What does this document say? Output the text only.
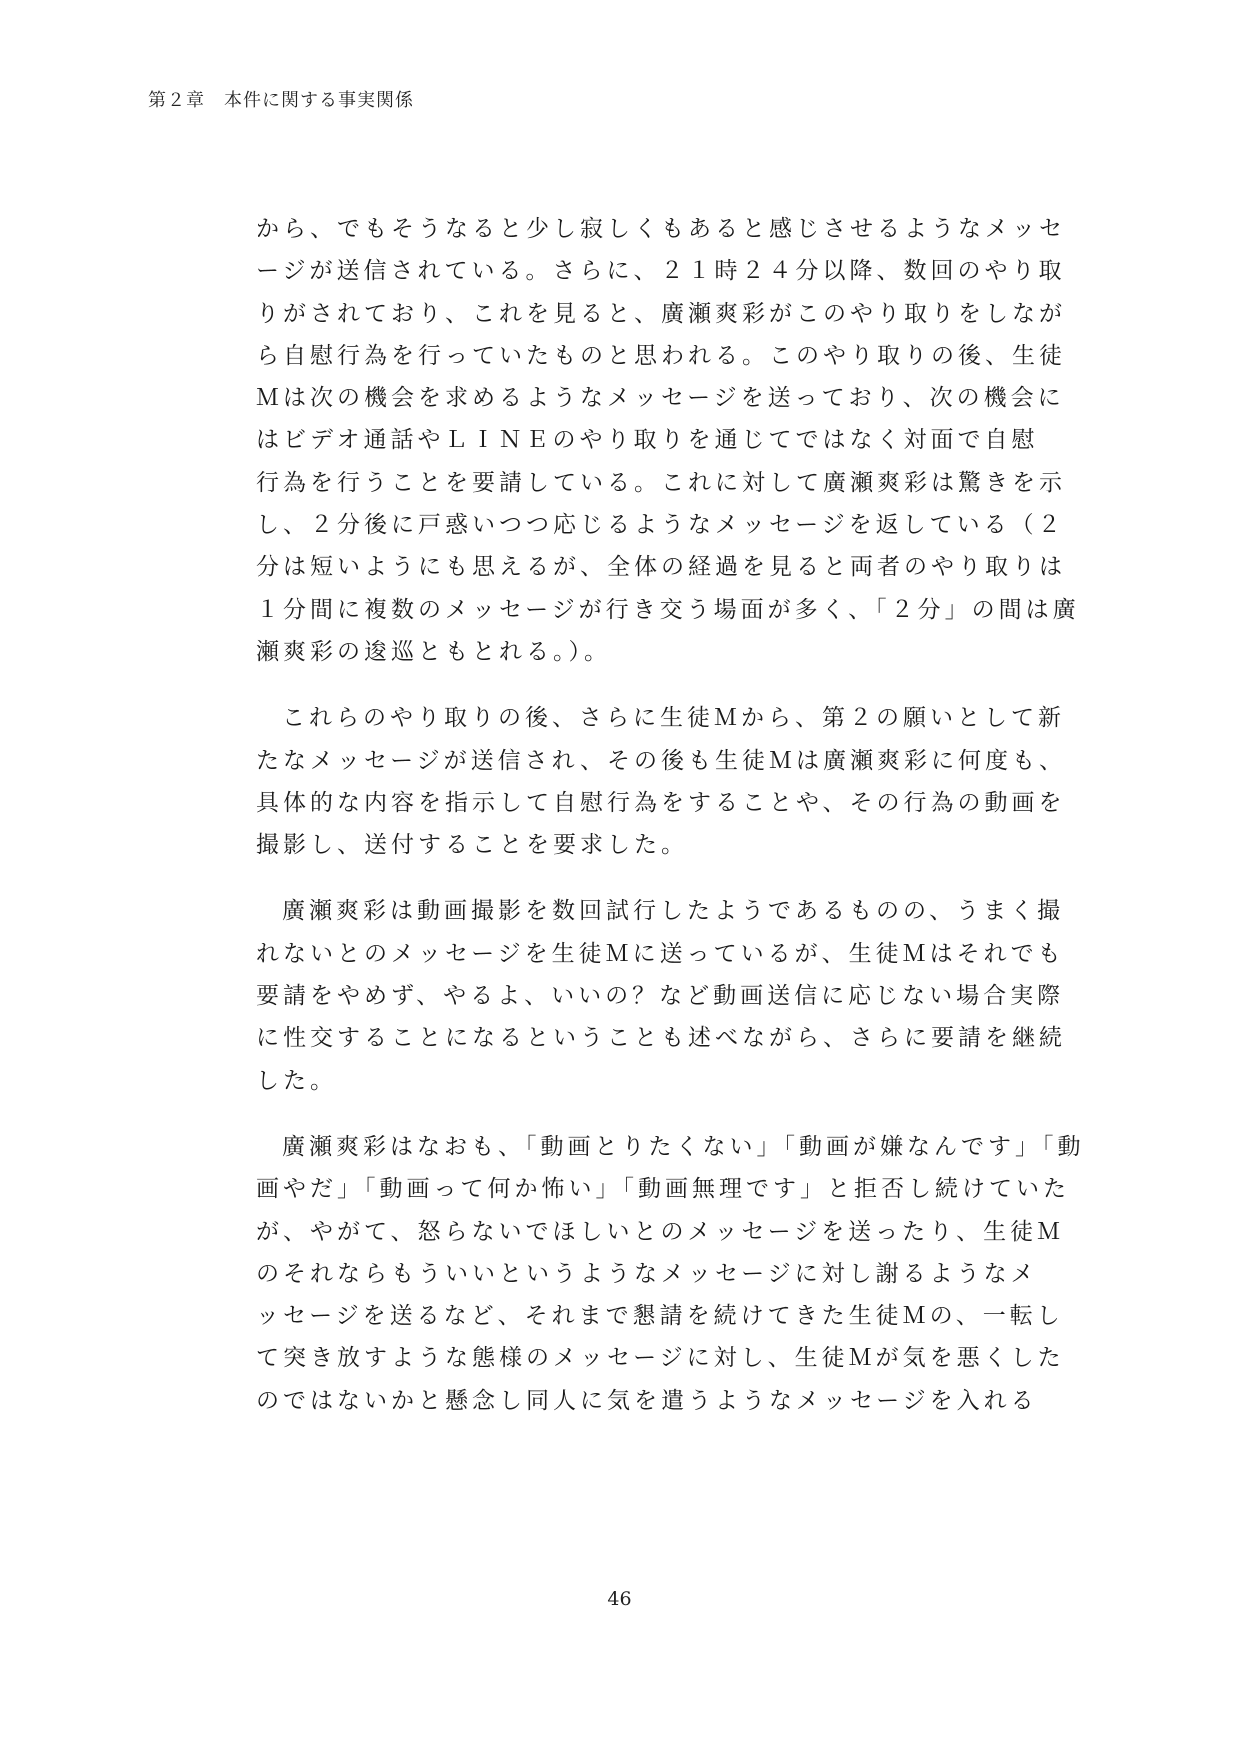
第２章　本件に関する事実関係

から、でもそうなると少し寂しくもあると感じさせるようなメッセ
ージが送信されている。さらに、２１時２４分以降、数回のやり取
りがされており、これを見ると、廣瀬爽彩がこのやり取りをしなが
ら自慰行為を行っていたものと思われる。このやり取りの後、生徒
Ｍは次の機会を求めるようなメッセージを送っており、次の機会に
はビデオ通話やＬＩＮＥのやり取りを通じてではなく対面で自慰
行為を行うことを要請している。これに対して廣瀬爽彩は驚きを示
し、２分後に戸惑いつつ応じるようなメッセージを返している（２
分は短いようにも思えるが、全体の経過を見ると両者のやり取りは
１分間に複数のメッセージが行き交う場面が多く、「２分」の間は廣
瀬爽彩の逡巡ともとれる。）。

これらのやり取りの後、さらに生徒Ｍから、第２の願いとして新
たなメッセージが送信され、その後も生徒Ｍは廣瀬爽彩に何度も、
具体的な内容を指示して自慰行為をすることや、その行為の動画を
撮影し、送付することを要求した。

廣瀬爽彩は動画撮影を数回試行したようであるものの、うまく撮
れないとのメッセージを生徒Ｍに送っているが、生徒Ｍはそれでも
要請をやめず、やるよ、いいの？など動画送信に応じない場合実際
に性交することになるということも述べながら、さらに要請を継続
した。

廣瀬爽彩はなおも、「動画とりたくない」「動画が嫌なんです」「動
画やだ」「動画って何か怖い」「動画無理です」と拒否し続けていた
が、やがて、怒らないでほしいとのメッセージを送ったり、生徒Ｍ
のそれならもういいというようなメッセージに対し謝るようなメ
ッセージを送るなど、それまで懇請を続けてきた生徒Ｍの、一転し
て突き放すような態様のメッセージに対し、生徒Ｍが気を悪くした
のではないかと懸念し同人に気を遣うようなメッセージを入れる

46
